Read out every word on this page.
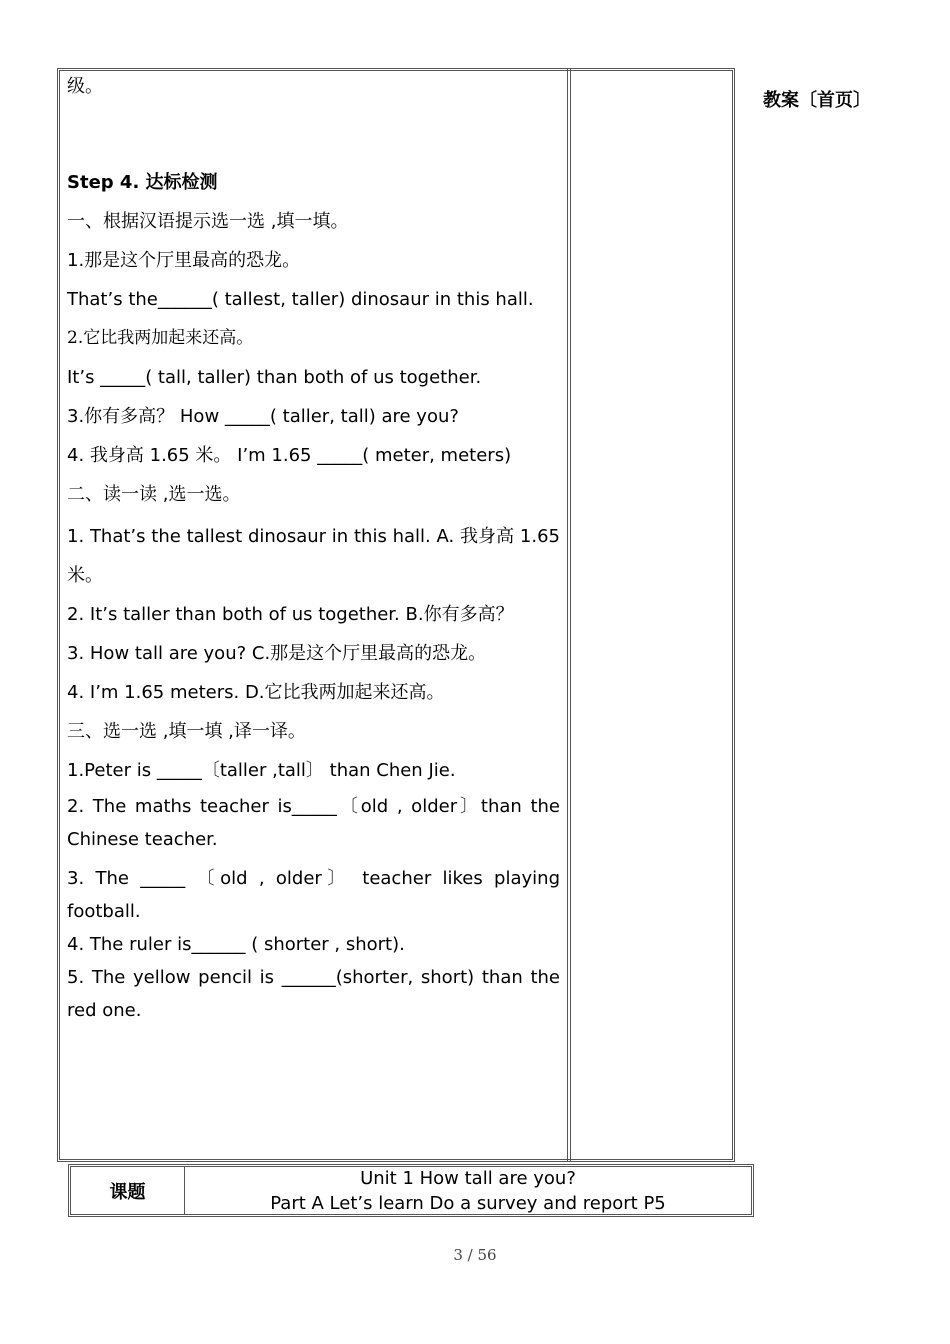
教案〔首页〕

级。

Step 4. 达标检测

一、根据汉语提示选一选 ,填一填。

1.那是这个厅里最高的恐龙。

That’s the______( tallest, taller) dinosaur in this hall.

2.它比我两加起来还高。

It’s _____( tall, taller) than both of us together.

3.你有多高？ How _____( taller, tall) are you?

4. 我身高 1.65 米。 I’m 1.65 _____( meter, meters)

二、读一读 ,选一选。

1. That’s the tallest dinosaur in this hall. A. 我身高 1.65 米。

2. It’s taller than both of us together. B.你有多高？

3. How tall are you? C.那是这个厅里最高的恐龙。

4. I’m 1.65 meters. D.它比我两加起来还高。

三、选一选 ,填一填 ,译一译。

1.Peter is _____〔taller ,tall〕 than Chen Jie.

2. The maths teacher is_____〔old , older〕than the Chinese teacher.

3. The _____ 〔old , older〕 teacher likes playing football.

4. The ruler is______ ( shorter , short).

5. The yellow pencil is ______(shorter, short) than the red one.

课题
Unit 1 How tall are you?
Part A Let’s learn Do a survey and report P5
3 / 56
